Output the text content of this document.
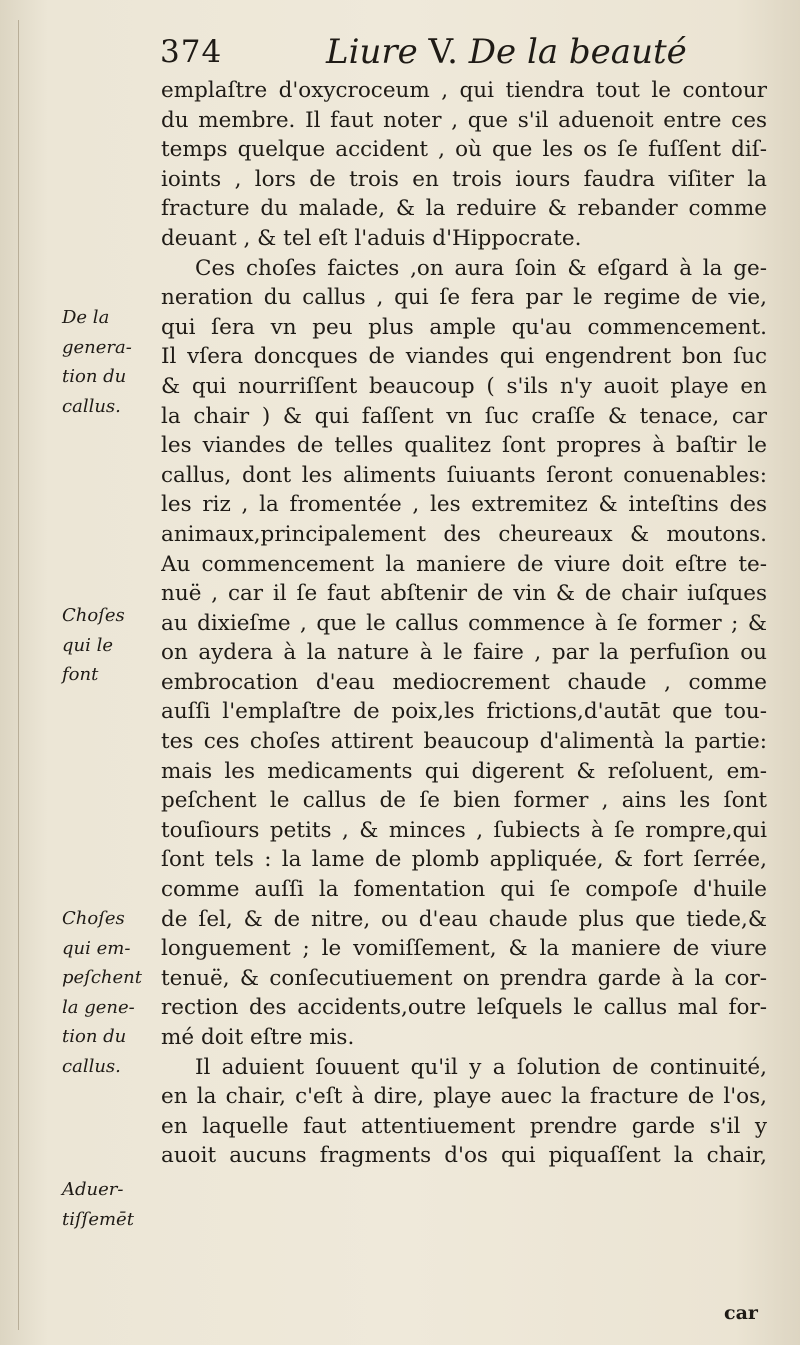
374	Liure V. De la beauté
De la
genera-
tion du
callus.
Choſes
qui le
font
Choſes
qui em-
peſchent
la gene-
tion du
callus.
Aduer-
tiſſemēt
emplaſtre d'oxycroceum , qui tiendra tout le contour
du membre. Il faut noter , que s'il aduenoit entre ces
temps quelque accident , où que les os ſe fuſſent diſ-
ioints , lors de trois en trois iours faudra viſiter la
fracture du malade, & la reduire & rebander comme
deuant , & tel eſt l'aduis d'Hippocrate.
Ces choſes faictes ,on aura ſoin & eſgard à la ge-
neration du callus , qui ſe fera par le regime de vie,
qui ſera vn peu plus ample qu'au commencement.
Il vſera doncques de viandes qui engendrent bon ſuc
& qui nourriſſent beaucoup ( s'ils n'y auoit playe en
la chair ) & qui faſſent vn ſuc craſſe & tenace, car
les viandes de telles qualitez ſont propres à baſtir le
callus, dont les aliments ſuiuants ſeront conuenables:
les riz , la fromentée , les extremitez & inteſtins des
animaux,principalement des cheureaux & moutons.
Au commencement la maniere de viure doit eſtre te-
nuë , car il ſe faut abſtenir de vin & de chair iuſques
au dixieſme , que le callus commence à ſe former ; &
on aydera à la nature à le faire , par la perfuſion ou
embrocation d'eau mediocrement chaude , comme
auſſi l'emplaſtre de poix,les frictions,d'autāt que tou-
tes ces choſes attirent beaucoup d'alimentà la partie:
mais les medicaments qui digerent & reſoluent, em-
peſchent le callus de ſe bien former , ains les ſont
touſiours petits , & minces , ſubiects à ſe rompre,qui
ſont tels : la lame de plomb appliquée, & fort ſerrée,
comme auſſi la fomentation qui ſe compoſe d'huile
de ſel, & de nitre, ou d'eau chaude plus que tiede,&
longuement ; le vomiſſement, & la maniere de viure
tenuë, & conſecutiuement on prendra garde à la cor-
rection des accidents,outre leſquels le callus mal for-
mé doit eſtre mis.
Il aduient ſouuent qu'il y a ſolution de continuité,
en la chair, c'eſt à dire, playe auec la fracture de l'os,
en laquelle faut attentiuement prendre garde s'il y
auoit aucuns fragments d'os qui piquaſſent la chair,
car
